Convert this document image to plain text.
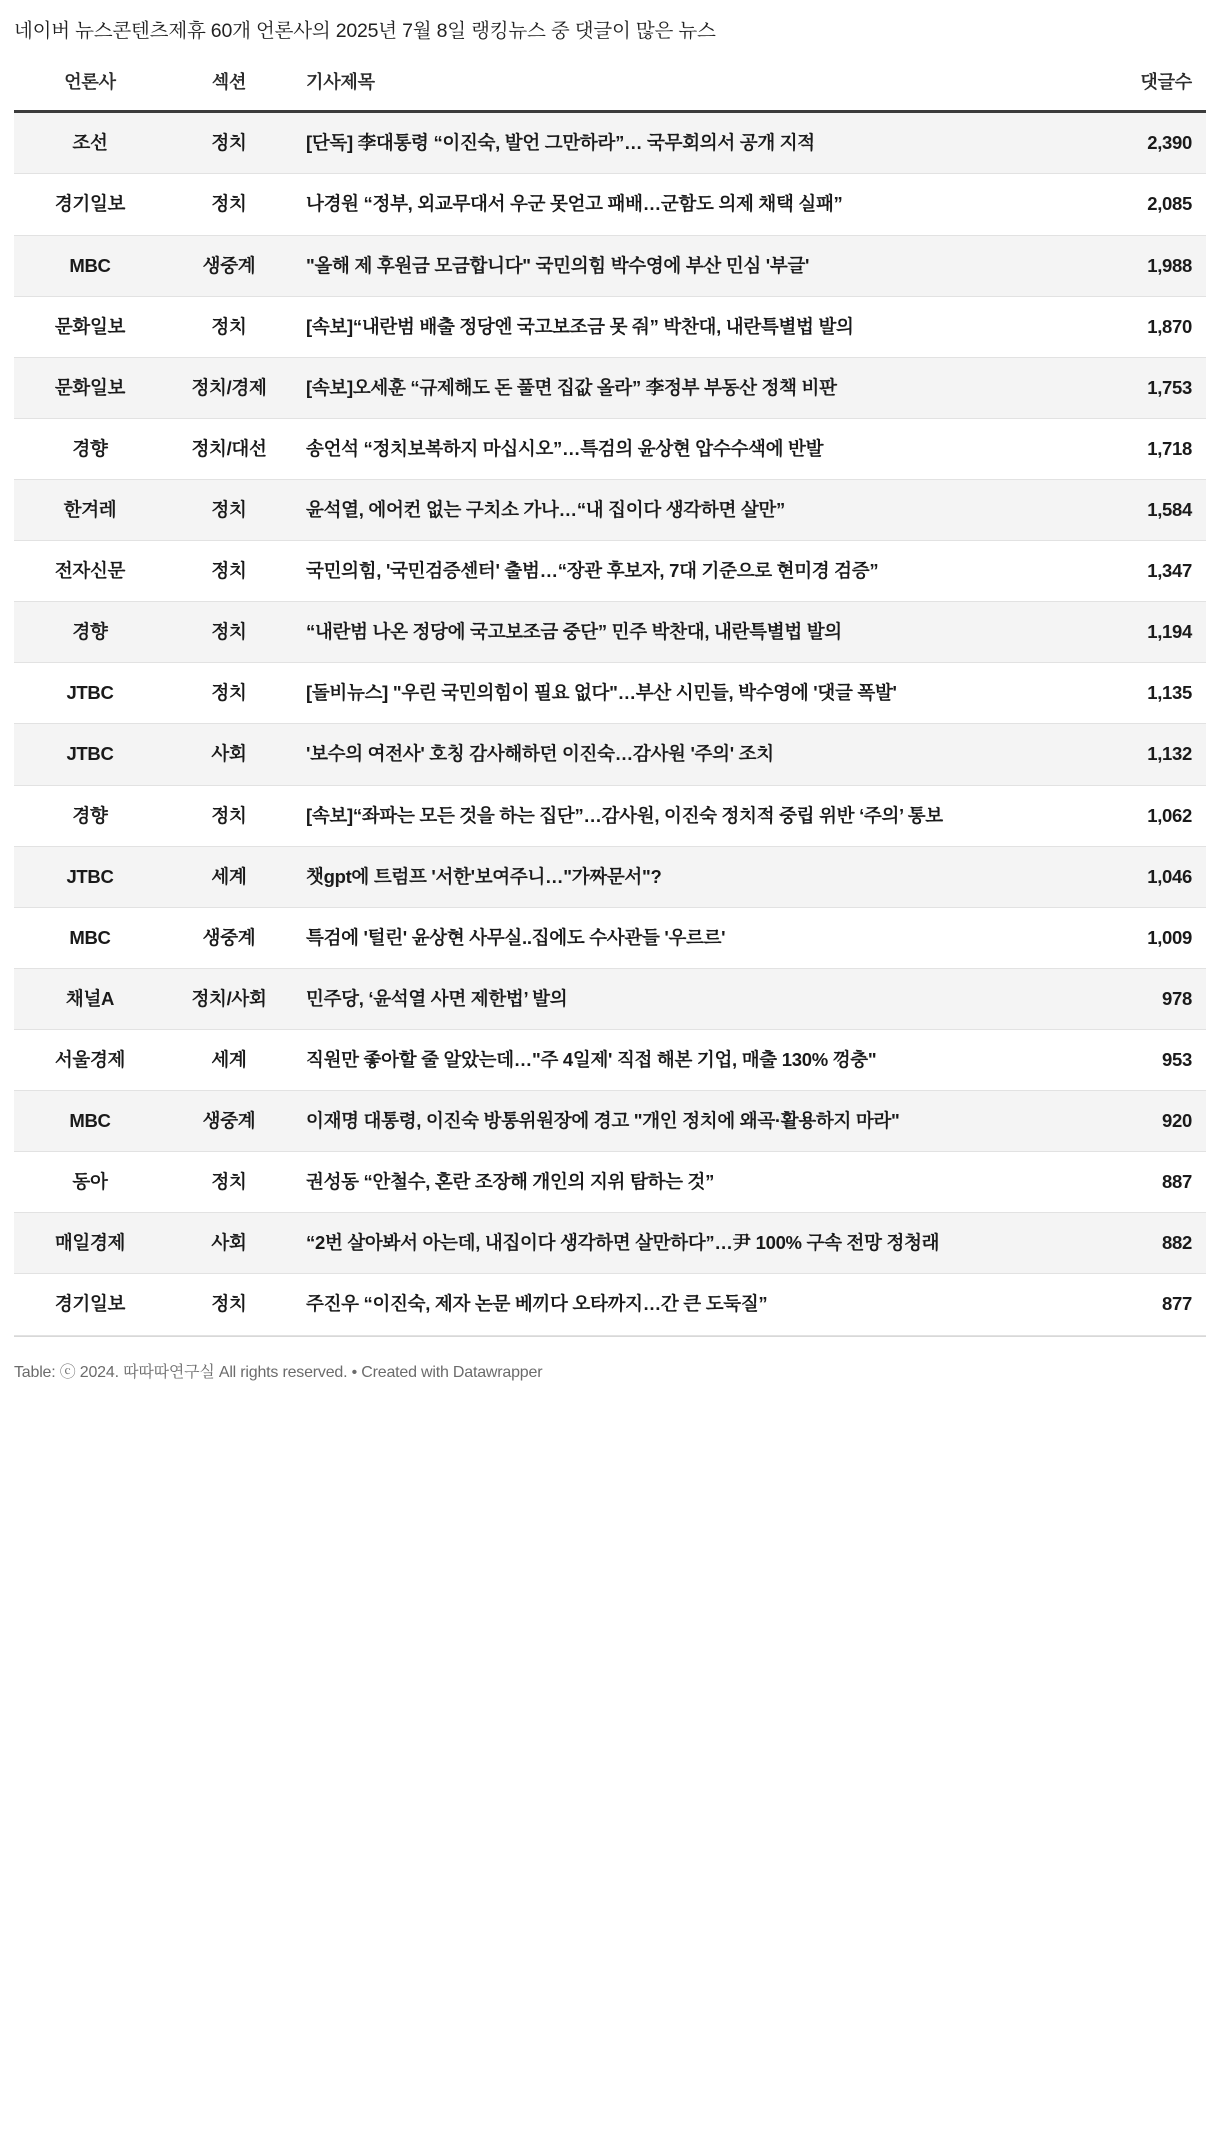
네이버 뉴스콘텐츠제휴 60개 언론사의 2025년 7월 8일 랭킹뉴스 중 댓글이 많은 뉴스
언론사	섹션	기사제목	댓글수
조선	정치	[단독] 李대통령 “이진숙, 발언 그만하라”… 국무회의서 공개 지적	2,390
경기일보	정치	나경원 “정부, 외교무대서 우군 못얻고 패배…군함도 의제 채택 실패”	2,085
MBC	생중계	"올해 제 후원금 모금합니다" 국민의힘 박수영에 부산 민심 '부글'	1,988
문화일보	정치	[속보]“내란범 배출 정당엔 국고보조금 못 줘” 박찬대, 내란특별법 발의	1,870
문화일보	정치/경제	[속보]오세훈 “규제해도 돈 풀면 집값 올라” 李정부 부동산 정책 비판	1,753
경향	정치/대선	송언석 “정치보복하지 마십시오”…특검의 윤상현 압수수색에 반발	1,718
한겨레	정치	윤석열, 에어컨 없는 구치소 가나…“내 집이다 생각하면 살만”	1,584
전자신문	정치	국민의힘, '국민검증센터' 출범…“장관 후보자, 7대 기준으로 현미경 검증”	1,347
경향	정치	“내란범 나온 정당에 국고보조금 중단” 민주 박찬대, 내란특별법 발의	1,194
JTBC	정치	[돌비뉴스] "우린 국민의힘이 필요 없다"…부산 시민들, 박수영에 '댓글 폭발'	1,135
JTBC	사회	'보수의 여전사' 호칭 감사해하던 이진숙…감사원 '주의' 조치	1,132
경향	정치	[속보]“좌파는 모든 것을 하는 집단”…감사원, 이진숙 정치적 중립 위반 ‘주의’ 통보	1,062
JTBC	세계	챗gpt에 트럼프 '서한'보여주니…"가짜문서"?	1,046
MBC	생중계	특검에 '털린' 윤상현 사무실..집에도 수사관들 '우르르'	1,009
채널A	정치/사회	민주당, ‘윤석열 사면 제한법’ 발의	978
서울경제	세계	직원만 좋아할 줄 알았는데…"주 4일제' 직접 해본 기업, 매출 130% 껑충"	953
MBC	생중계	이재명 대통령, 이진숙 방통위원장에 경고 "개인 정치에 왜곡·활용하지 마라"	920
동아	정치	권성동 “안철수, 혼란 조장해 개인의 지위 탐하는 것”	887
매일경제	사회	“2번 살아봐서 아는데, 내집이다 생각하면 살만하다”…尹 100% 구속 전망 정청래	882
경기일보	정치	주진우 “이진숙, 제자 논문 베끼다 오타까지…간 큰 도둑질”	877
Table: ⓒ 2024. 따따따연구실 All rights reserved. • Created with Datawrapper
